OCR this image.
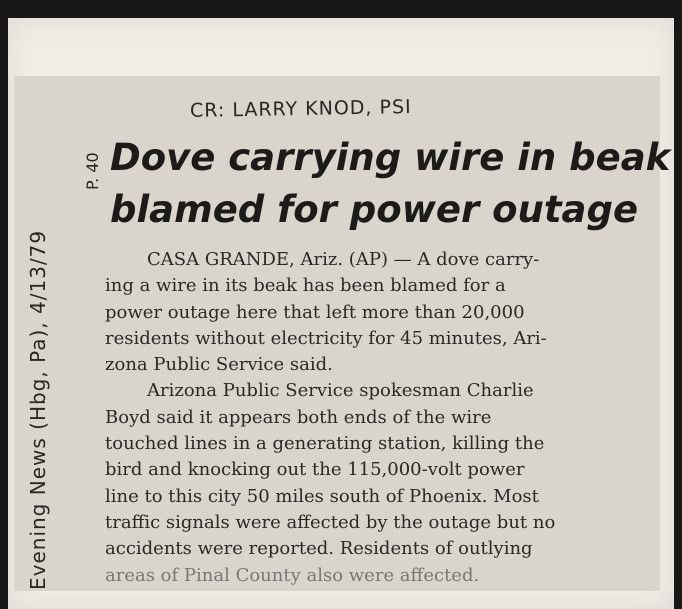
CR: LARRY KNOD, PSI
Evening News (Hbg, Pa), 4/13/79
P. 40 Dove carrying wire in beak
blamed for power outage

CASA GRANDE, Ariz. (AP) — A dove carry-
ing a wire in its beak has been blamed for a
power outage here that left more than 20,000
residents without electricity for 45 minutes, Ari-
zona Public Service said.

Arizona Public Service spokesman Charlie
Boyd said it appears both ends of the wire
touched lines in a generating station, killing the
bird and knocking out the 115,000-volt power
line to this city 50 miles south of Phoenix. Most
traffic signals were affected by the outage but no
accidents were reported. Residents of outlying
areas of Pinal County also were affected.
